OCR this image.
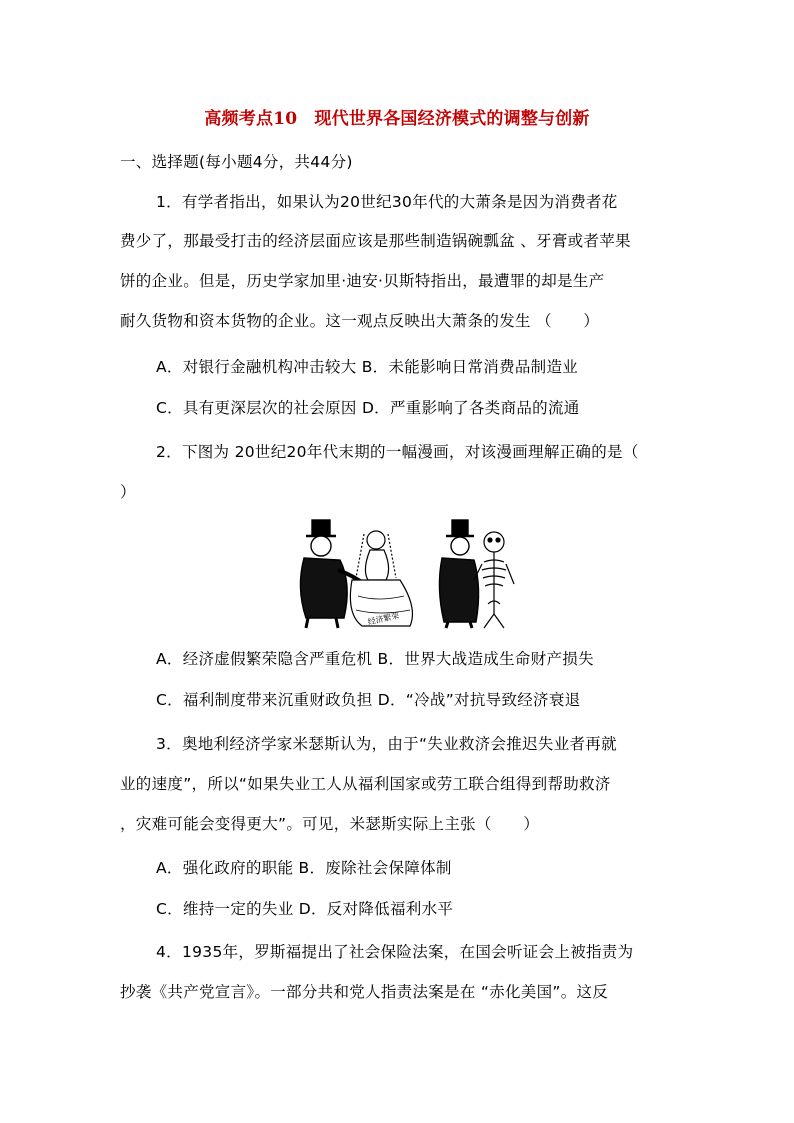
高频考点10　现代世界各国经济模式的调整与创新
一、选择题(每小题4分，共44分)
1．有学者指出，如果认为20世纪30年代的大萧条是因为消费者花
费少了，那最受打击的经济层面应该是那些制造锅碗瓢盆 、牙膏或者苹果
饼的企业。但是，历史学家加里·迪安·贝斯特指出，最遭罪的却是生产
耐久货物和资本货物的企业。这一观点反映出大萧条的发生 （　　）
A．对银行金融机构冲击较大 B．未能影响日常消费品制造业
C．具有更深层次的社会原因 D．严重影响了各类商品的流通
2．下图为 20世纪20年代末期的一幅漫画，对该漫画理解正确的是（
）
经济繁荣
A．经济虚假繁荣隐含严重危机 B．世界大战造成生命财产损失
C．福利制度带来沉重财政负担 D．“冷战”对抗导致经济衰退
3．奥地利经济学家米瑟斯认为，由于“失业救济会推迟失业者再就
业的速度”，所以“如果失业工人从福利国家或劳工联合组得到帮助救济
，灾难可能会变得更大”。可见，米瑟斯实际上主张（　　）
A．强化政府的职能 B．废除社会保障体制
C．维持一定的失业 D．反对降低福利水平
4．1935年，罗斯福提出了社会保险法案，在国会听证会上被指责为
抄袭《共产党宣言》。一部分共和党人指责法案是在 “赤化美国”。这反
